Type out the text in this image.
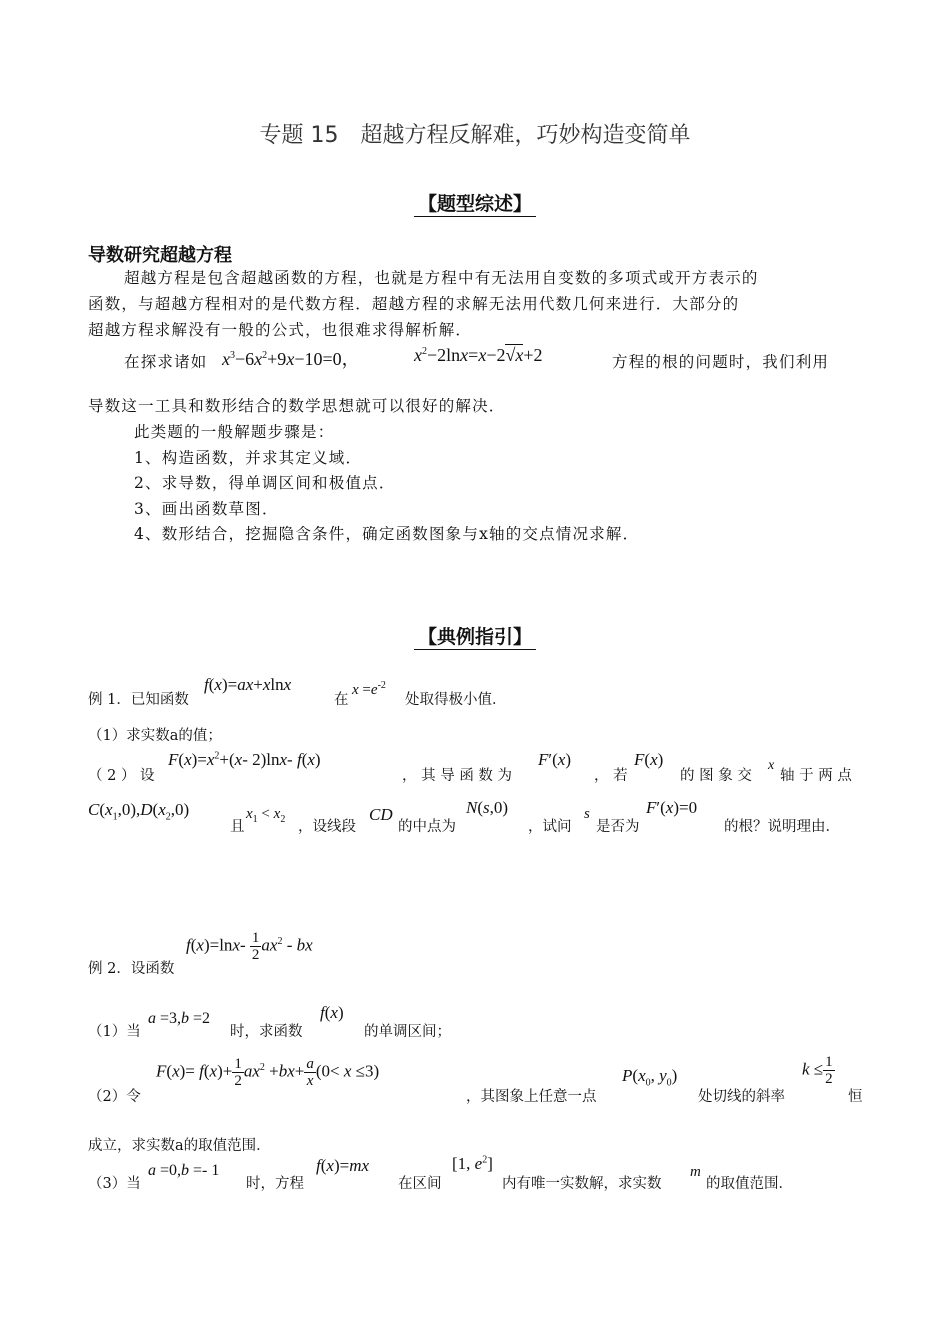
专题 15　超越方程反解难，巧妙构造变简单
【题型综述】
导数研究超越方程
超越方程是包含超越函数的方程，也就是方程中有无法用自变数的多项式或开方表示的
函数，与超越方程相对的是代数方程．超越方程的求解无法用代数几何来进行．大部分的
超越方程求解没有一般的公式，也很难求得解析解．
在探求诸如 $x^3-6x^2+9x-10=0$，	$x^2-2\ln x=x-2√x+2$	方程的根的问题时，我们利用
导数这一工具和数形结合的数学思想就可以很好的解决．
此类题的一般解题步骤是：
1、构造函数，并求其定义域．
2、求导数，得单调区间和极值点．
3、画出函数草图．
4、数形结合，挖掘隐含条件，确定函数图象与x轴的交点情况求解．
【典例指引】
例 1．已知函数
f(x)=ax+xlnx
在
$x =e^{-2}$
处取得极小值．
（1）求实数a的值；
（ 2 ） 设
$F(x)=x^2+(x-$ 2)lnx- f(x)
， 其 导 函 数 为
F′(x)
， 若
F(x)
的 图 象 交
x
轴 于 两 点
$C(x_1,0),D(x_2,0)$
且
$x_1 < x_2$ ，设线段
CD
的中点为
N(s,0)
，试问
s
是否为
F′(x)=0
的根？说明理由．
例 2．设函数
$f(x)=\ln x- \frac{1}{2} ax^2$ - bx
（1）当
a =3,b =2
时，求函数
f(x)
的单调区间；
（2）令
$F(x)= f(x)+ \frac{1}{2} ax^2 +bx+ \frac{a}{x} (0< x \le 3)$
，其图象上任意一点
$P(x_0$, $y_0$)
处切线的斜率
$k \le \frac{1}{2}$
恒
成立，求实数a的取值范围．
（3）当
a =0,b =- 1
时，方程
f(x)=mx
在区间
[1, $e^2$]
内有唯一实数解，求实数
m
的取值范围．
